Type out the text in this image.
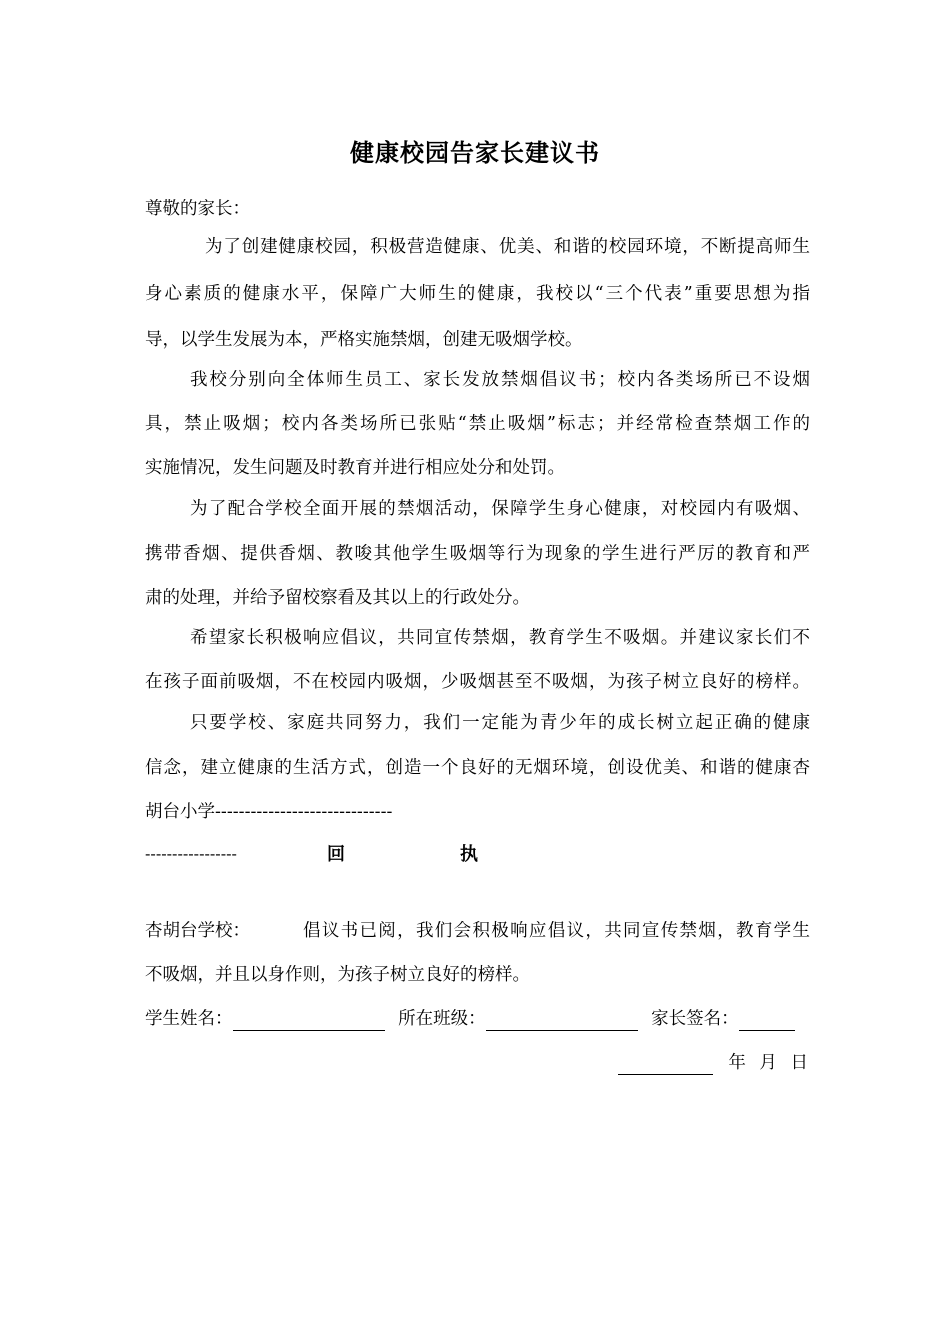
健康校园告家长建议书
尊敬的家长：
为了创建健康校园，积极营造健康、优美、和谐的校园环境，不断提高师生
身心素质的健康水平，保障广大师生的健康，我校以“三个代表”重要思想为指
导，以学生发展为本，严格实施禁烟，创建无吸烟学校。
我校分别向全体师生员工、家长发放禁烟倡议书；校内各类场所已不设烟
具，禁止吸烟；校内各类场所已张贴“禁止吸烟”标志；并经常检查禁烟工作的
实施情况，发生问题及时教育并进行相应处分和处罚。
为了配合学校全面开展的禁烟活动，保障学生身心健康，对校园内有吸烟、
携带香烟、提供香烟、教唆其他学生吸烟等行为现象的学生进行严厉的教育和严
肃的处理，并给予留校察看及其以上的行政处分。
希望家长积极响应倡议，共同宣传禁烟，教育学生不吸烟。并建议家长们不
在孩子面前吸烟，不在校园内吸烟，少吸烟甚至不吸烟，为孩子树立良好的榜样。
只要学校、家庭共同努力，我们一定能为青少年的成长树立起正确的健康
信念，建立健康的生活方式，创造一个良好的无烟环境，创设优美、和谐的健康杏
胡台小学------------------------------
-----------------	回	执
杏胡台学校：	倡议书已阅，我们会积极响应倡议，共同宣传禁烟，教育学生
不吸烟，并且以身作则，为孩子树立良好的榜样。
学生姓名：	所在班级：	家长签名：
年 月 日
